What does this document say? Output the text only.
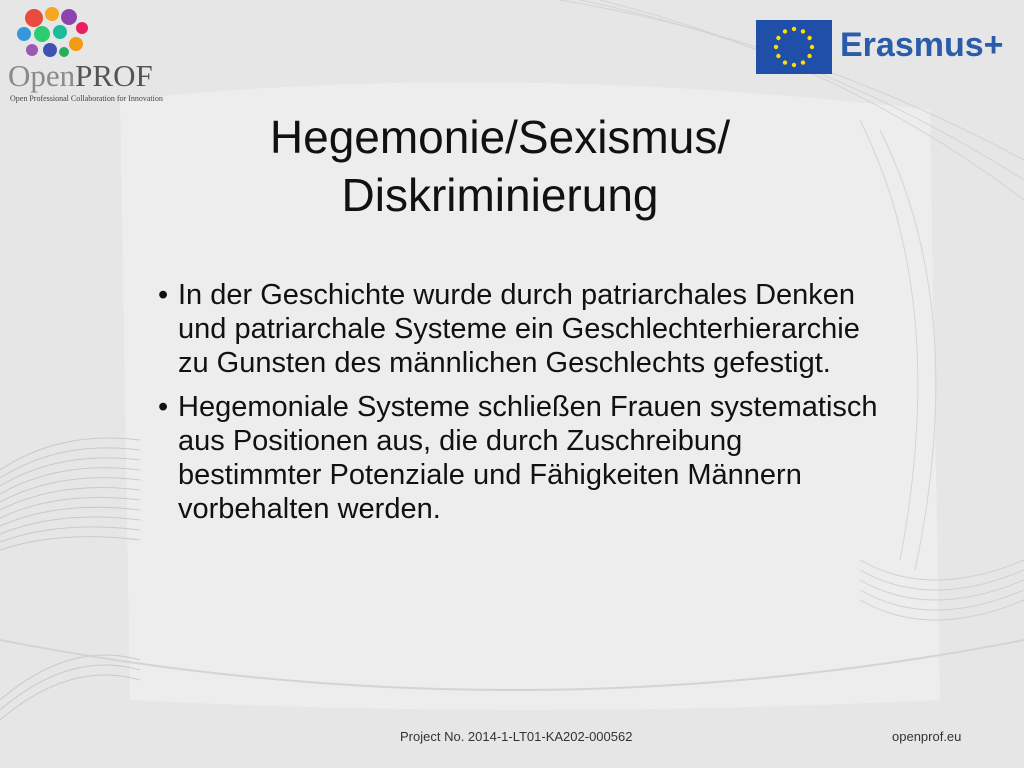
OpenPROF
Open Professional Collaboration for Innovation
Erasmus+
Hegemonie/Sexismus/
Diskriminierung
• In der Geschichte wurde durch patriarchales Denken und patriarchale Systeme ein Geschlechterhierarchie zu Gunsten des männlichen Geschlechts gefestigt.
• Hegemoniale Systeme schließen Frauen systematisch aus Positionen aus, die durch Zuschreibung bestimmter Potenziale und Fähigkeiten Männern vorbehalten werden.
Project No. 2014-1-LT01-KA202-000562	openprof.eu
